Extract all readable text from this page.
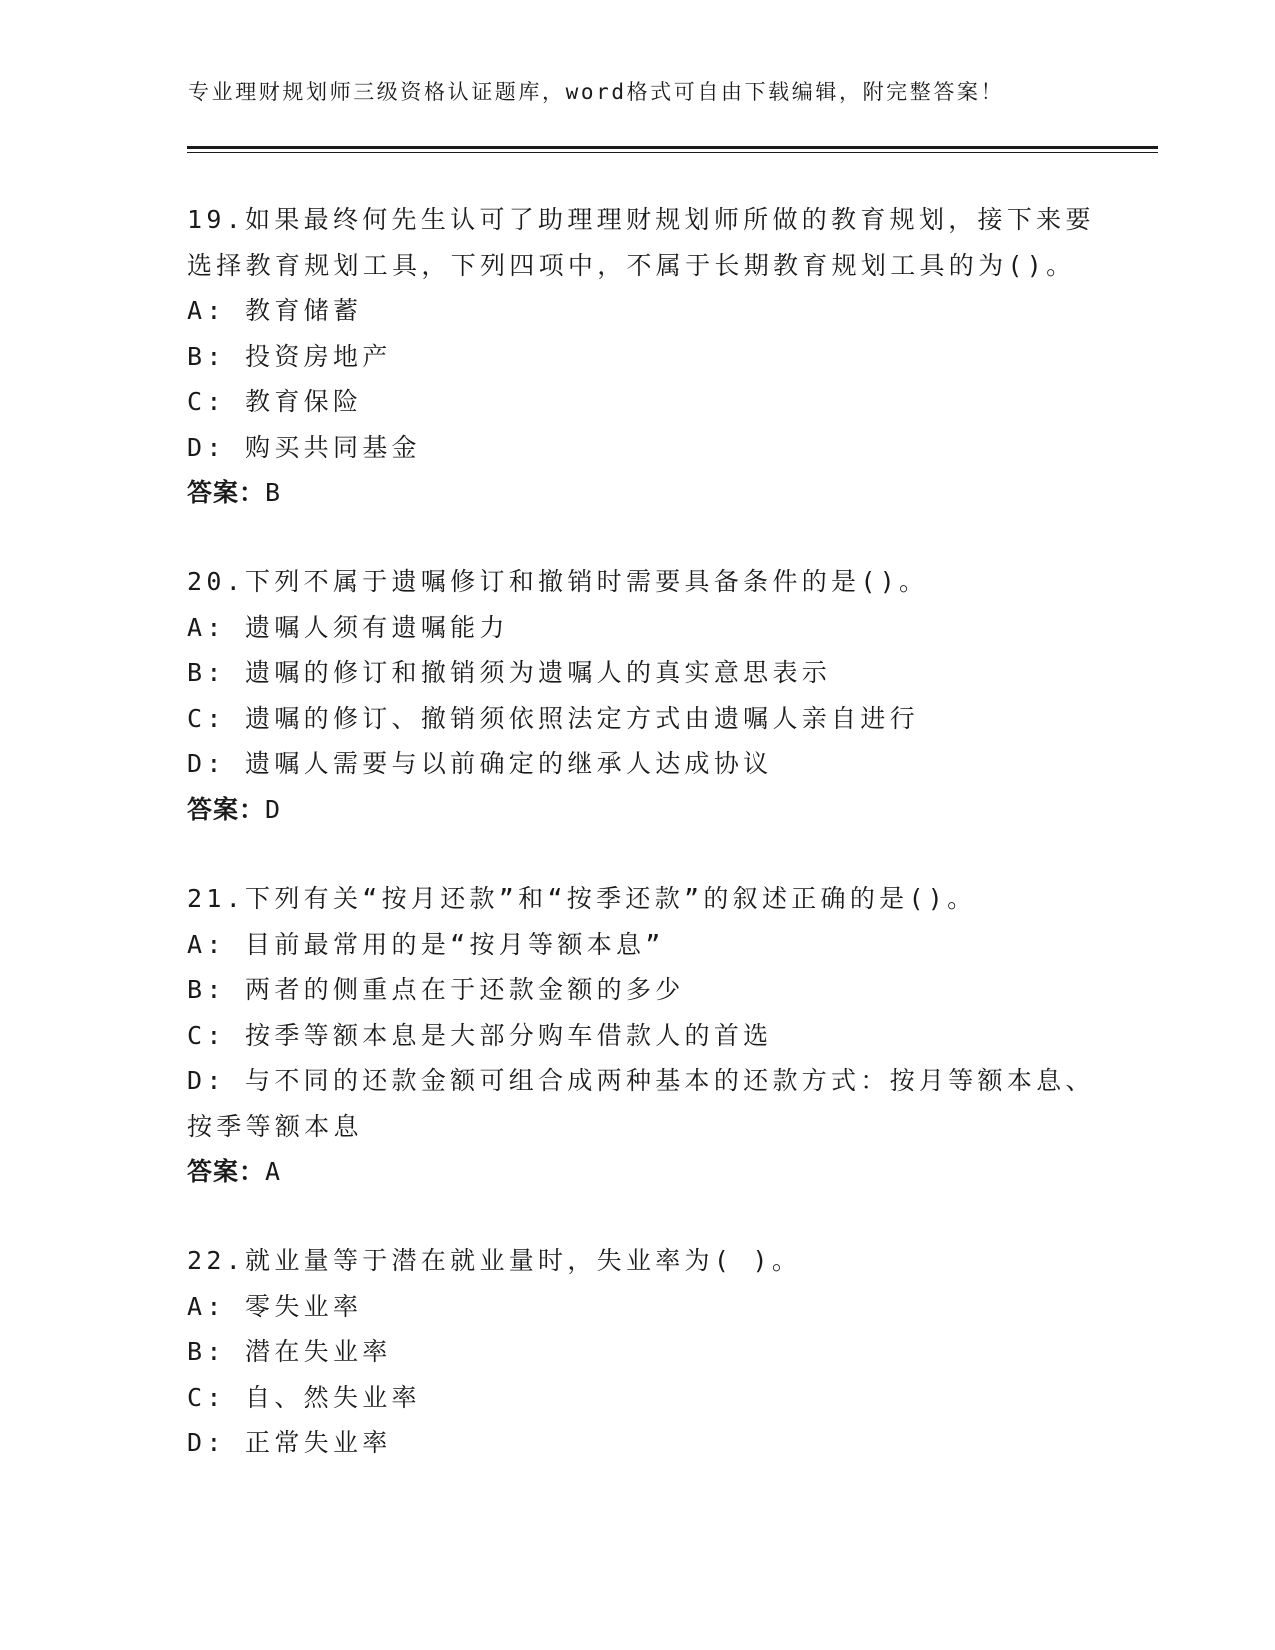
专业理财规划师三级资格认证题库，word格式可自由下载编辑，附完整答案！

19.如果最终何先生认可了助理理财规划师所做的教育规划，接下来要选择教育规划工具，下列四项中，不属于长期教育规划工具的为()。

A: 教育储蓄

B: 投资房地产

C: 教育保险

D: 购买共同基金

答案：B

20.下列不属于遗嘱修订和撤销时需要具备条件的是()。

A: 遗嘱人须有遗嘱能力

B: 遗嘱的修订和撤销须为遗嘱人的真实意思表示

C: 遗嘱的修订、撤销须依照法定方式由遗嘱人亲自进行

D: 遗嘱人需要与以前确定的继承人达成协议

答案：D

21.下列有关“按月还款”和“按季还款”的叙述正确的是()。

A: 目前最常用的是“按月等额本息”

B: 两者的侧重点在于还款金额的多少

C: 按季等额本息是大部分购车借款人的首选

D: 与不同的还款金额可组合成两种基本的还款方式：按月等额本息、按季等额本息

答案：A

22.就业量等于潜在就业量时，失业率为( )。

A: 零失业率

B: 潜在失业率

C: 自、然失业率

D: 正常失业率
